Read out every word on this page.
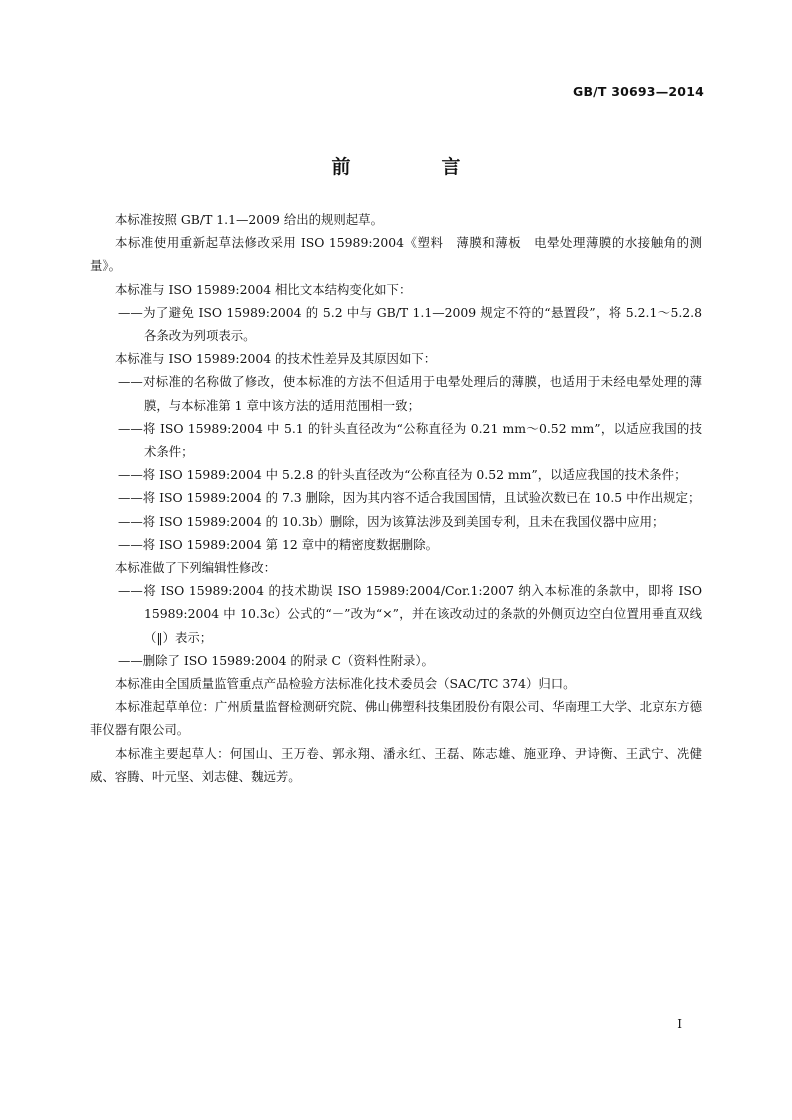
GB/T 30693—2014
前　言

本标准按照 GB/T 1.1—2009 给出的规则起草。

本标准使用重新起草法修改采用 ISO 15989:2004《塑料　薄膜和薄板　电晕处理薄膜的水接触角的测量》。

本标准与 ISO 15989:2004 相比文本结构变化如下：

——为了避免 ISO 15989:2004 的 5.2 中与 GB/T 1.1—2009 规定不符的“悬置段”，将 5.2.1～5.2.8 各条改为列项表示。

本标准与 ISO 15989:2004 的技术性差异及其原因如下：

——对标准的名称做了修改，使本标准的方法不但适用于电晕处理后的薄膜，也适用于未经电晕处理的薄膜，与本标准第 1 章中该方法的适用范围相一致；

——将 ISO 15989:2004 中 5.1 的针头直径改为“公称直径为 0.21 mm～0.52 mm”，以适应我国的技术条件；

——将 ISO 15989:2004 中 5.2.8 的针头直径改为“公称直径为 0.52 mm”，以适应我国的技术条件；

——将 ISO 15989:2004 的 7.3 删除，因为其内容不适合我国国情，且试验次数已在 10.5 中作出规定；

——将 ISO 15989:2004 的 10.3b）删除，因为该算法涉及到美国专利，且未在我国仪器中应用；

——将 ISO 15989:2004 第 12 章中的精密度数据删除。

本标准做了下列编辑性修改：

——将 ISO 15989:2004 的技术勘误 ISO 15989:2004/Cor.1:2007 纳入本标准的条款中，即将 ISO 15989:2004 中 10.3c）公式的“－”改为“×”，并在该改动过的条款的外侧页边空白位置用垂直双线（‖）表示；

——删除了 ISO 15989:2004 的附录 C（资料性附录）。

本标准由全国质量监管重点产品检验方法标准化技术委员会（SAC/TC 374）归口。

本标准起草单位：广州质量监督检测研究院、佛山佛塑科技集团股份有限公司、华南理工大学、北京东方德菲仪器有限公司。

本标准主要起草人：何国山、王万卷、郭永翔、潘永红、王磊、陈志雄、施亚琤、尹诗衡、王武宁、冼健威、容腾、叶元坚、刘志健、魏远芳。

I
